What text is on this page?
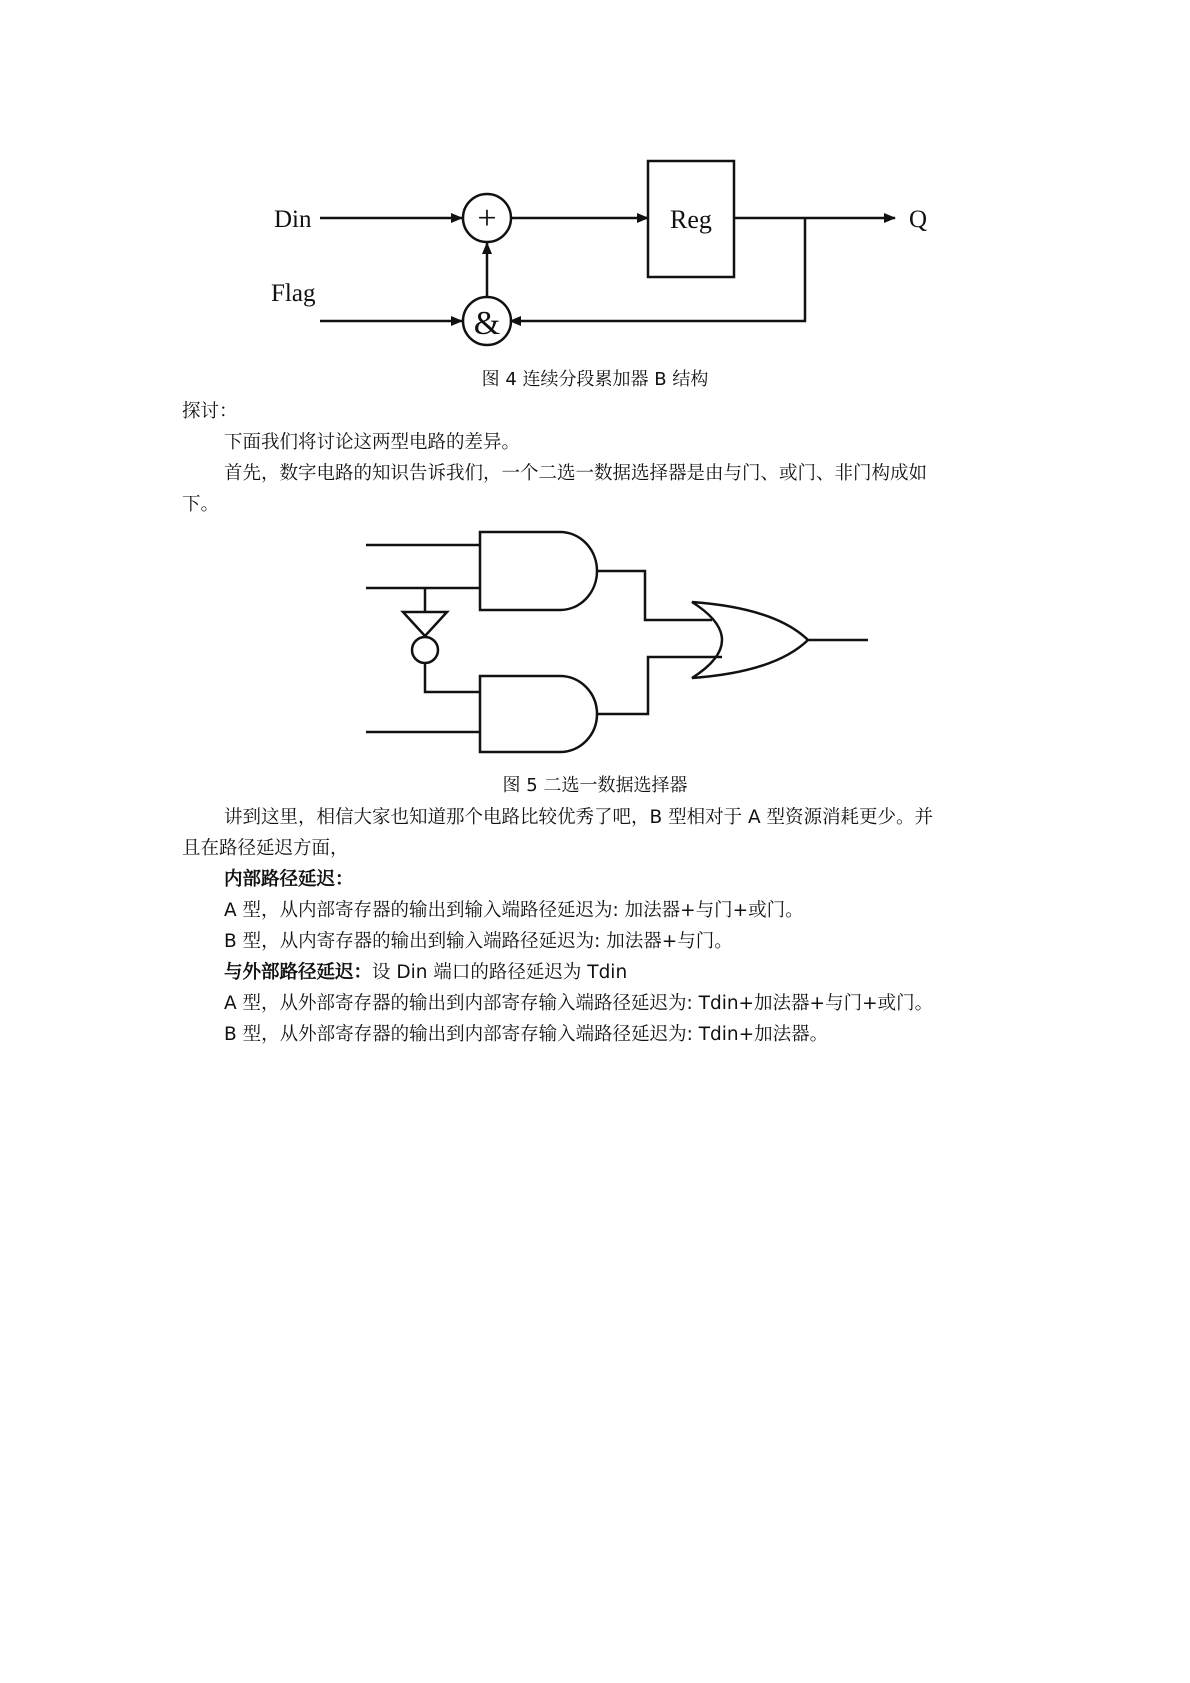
Din
Flag
Q
Reg
+
&
图 4 连续分段累加器 B 结构
探讨：
下面我们将讨论这两型电路的差异。
首先，数字电路的知识告诉我们，一个二选一数据选择器是由与门、或门、非门构成如
下。
图 5 二选一数据选择器
讲到这里，相信大家也知道那个电路比较优秀了吧，B 型相对于 A 型资源消耗更少。并
且在路径延迟方面，
内部路径延迟：
A 型，从内部寄存器的输出到输入端路径延迟为: 加法器+与门+或门。
B 型，从内寄存器的输出到输入端路径延迟为: 加法器+与门。
与外部路径延迟：设 Din 端口的路径延迟为 Tdin
A 型，从外部寄存器的输出到内部寄存输入端路径延迟为: Tdin+加法器+与门+或门。
B 型，从外部寄存器的输出到内部寄存输入端路径延迟为: Tdin+加法器。
